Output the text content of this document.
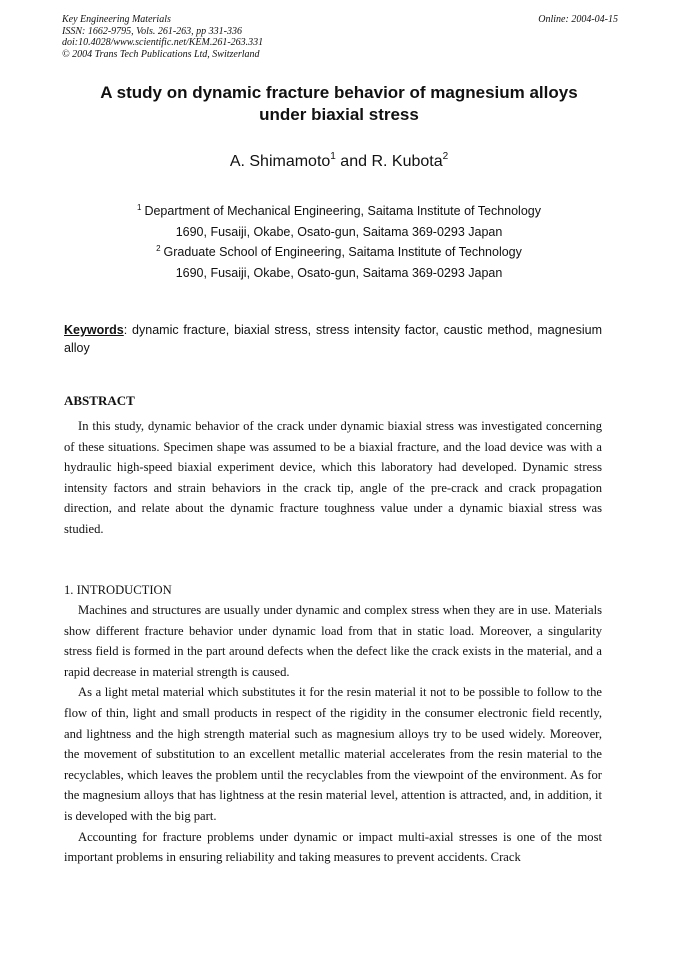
Key Engineering Materials
ISSN: 1662-9795, Vols. 261-263, pp 331-336
doi:10.4028/www.scientific.net/KEM.261-263.331
© 2004 Trans Tech Publications Ltd, Switzerland
Online: 2004-04-15
A study on dynamic fracture behavior of magnesium alloys
under biaxial stress
A. Shimamoto$^1$ and R. Kubota$^2$
$^1$ Department of Mechanical Engineering, Saitama Institute of Technology
1690, Fusaiji, Okabe, Osato-gun, Saitama 369-0293 Japan
$^2$ Graduate School of Engineering, Saitama Institute of Technology
1690, Fusaiji, Okabe, Osato-gun, Saitama 369-0293 Japan
Keywords: dynamic fracture, biaxial stress, stress intensity factor, caustic method, magnesium alloy
ABSTRACT

In this study, dynamic behavior of the crack under dynamic biaxial stress was investigated concerning of these situations. Specimen shape was assumed to be a biaxial fracture, and the load device was with a hydraulic high-speed biaxial experiment device, which this laboratory had developed. Dynamic stress intensity factors and strain behaviors in the crack tip, angle of the pre-crack and crack propagation direction, and relate about the dynamic fracture toughness value under a dynamic biaxial stress was studied.

1. INTRODUCTION

Machines and structures are usually under dynamic and complex stress when they are in use. Materials show different fracture behavior under dynamic load from that in static load. Moreover, a singularity stress field is formed in the part around defects when the defect like the crack exists in the material, and a rapid decrease in material strength is caused.

As a light metal material which substitutes it for the resin material it not to be possible to follow to the flow of thin, light and small products in respect of the rigidity in the consumer electronic field recently, and lightness and the high strength material such as magnesium alloys try to be used widely. Moreover, the movement of substitution to an excellent metallic material accelerates from the resin material to the recyclables, which leaves the problem until the recyclables from the viewpoint of the environment. As for the magnesium alloys that has lightness at the resin material level, attention is attracted, and, in addition, it is developed with the big part.

Accounting for fracture problems under dynamic or impact multi-axial stresses is one of the most important problems in ensuring reliability and taking measures to prevent accidents. Crack
